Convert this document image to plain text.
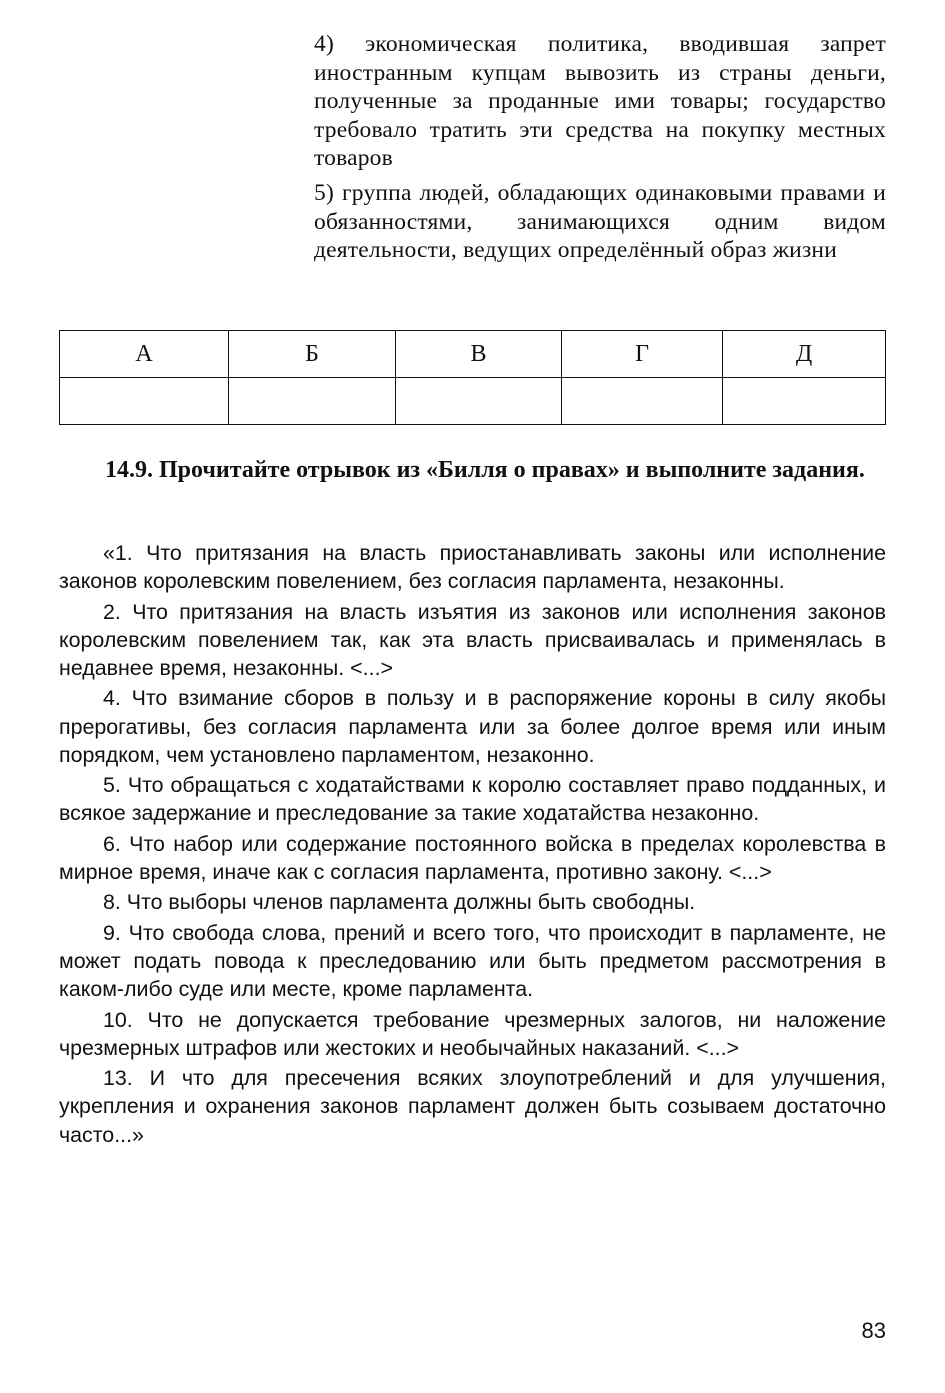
4) экономическая политика, вводившая запрет иностранным купцам вывозить из страны деньги, полученные за проданные ими товары; государство требовало тратить эти средства на покупку местных товаров

5) группа людей, обладающих одинаковыми правами и обязанностями, занимающихся одним видом деятельности, ведущих определённый образ жизни

А	Б	В	Г	Д

14.9. Прочитайте отрывок из «Билля о правах» и выполните задания.

«1. Что притязания на власть приостанавливать законы или исполнение законов королевским повелением, без согласия парламента, незаконны.

2. Что притязания на власть изъятия из законов или исполнения законов королевским повелением так, как эта власть присваивалась и применялась в недавнее время, незаконны. <...>

4. Что взимание сборов в пользу и в распоряжение короны в силу якобы прерогативы, без согласия парламента или за более долгое время или иным порядком, чем установлено парламентом, незаконно.

5. Что обращаться с ходатайствами к королю составляет право подданных, и всякое задержание и преследование за такие ходатайства незаконно.

6. Что набор или содержание постоянного войска в пределах королевства в мирное время, иначе как с согласия парламента, противно закону. <...>

8. Что выборы членов парламента должны быть свободны.

9. Что свобода слова, прений и всего того, что происходит в парламенте, не может подать повода к преследованию или быть предметом рассмотрения в каком-либо суде или месте, кроме парламента.

10. Что не допускается требование чрезмерных залогов, ни наложение чрезмерных штрафов или жестоких и необычайных наказаний. <...>

13. И что для пресечения всяких злоупотреблений и для улучшения, укрепления и охранения законов парламент должен быть созываем достаточно часто...»

83
